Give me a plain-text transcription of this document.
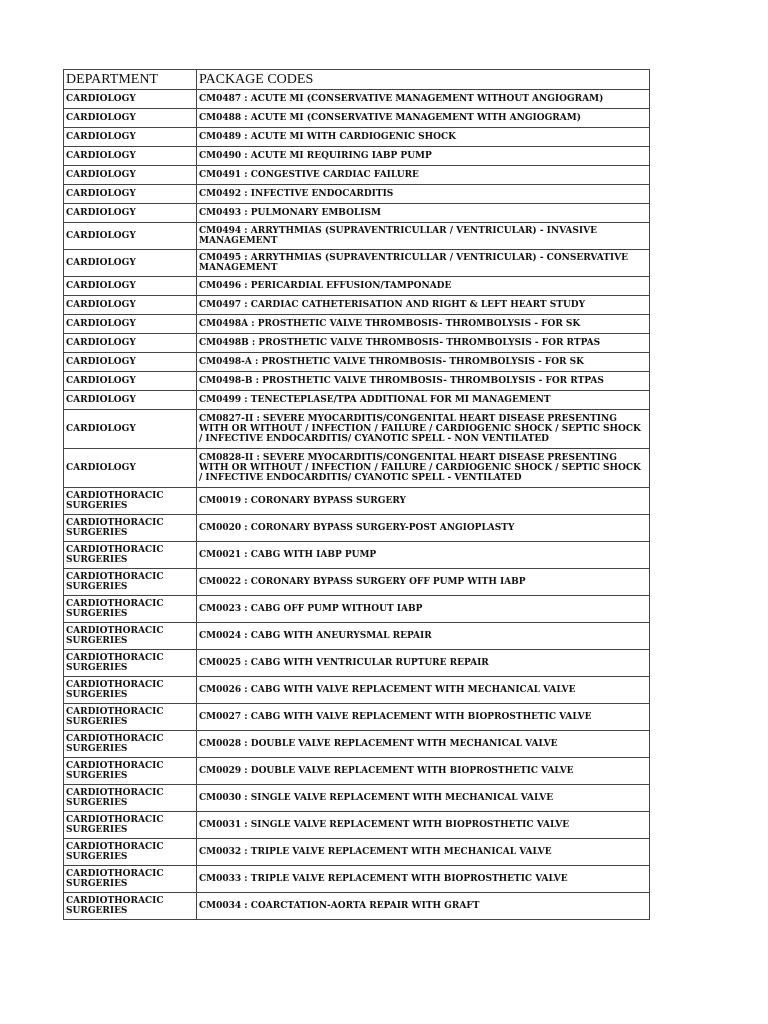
DEPARTMENT	PACKAGE CODES
CARDIOLOGY	CM0487 : ACUTE MI (CONSERVATIVE MANAGEMENT WITHOUT ANGIOGRAM)
CARDIOLOGY	CM0488 : ACUTE MI (CONSERVATIVE MANAGEMENT WITH ANGIOGRAM)
CARDIOLOGY	CM0489 : ACUTE MI WITH CARDIOGENIC SHOCK
CARDIOLOGY	CM0490 : ACUTE MI REQUIRING IABP PUMP
CARDIOLOGY	CM0491 : CONGESTIVE CARDIAC FAILURE
CARDIOLOGY	CM0492 : INFECTIVE ENDOCARDITIS
CARDIOLOGY	CM0493 : PULMONARY EMBOLISM
CARDIOLOGY	CM0494 : ARRYTHMIAS (SUPRAVENTRICULLAR / VENTRICULAR) - INVASIVE MANAGEMENT
CARDIOLOGY	CM0495 : ARRYTHMIAS (SUPRAVENTRICULLAR / VENTRICULAR) - CONSERVATIVE MANAGEMENT
CARDIOLOGY	CM0496 : PERICARDIAL EFFUSION/TAMPONADE
CARDIOLOGY	CM0497 : CARDIAC CATHETERISATION AND RIGHT & LEFT HEART STUDY
CARDIOLOGY	CM0498A : PROSTHETIC VALVE THROMBOSIS- THROMBOLYSIS - FOR SK
CARDIOLOGY	CM0498B : PROSTHETIC VALVE THROMBOSIS- THROMBOLYSIS - FOR RTPAS
CARDIOLOGY	CM0498-A : PROSTHETIC VALVE THROMBOSIS- THROMBOLYSIS - FOR SK
CARDIOLOGY	CM0498-B : PROSTHETIC VALVE THROMBOSIS- THROMBOLYSIS - FOR RTPAS
CARDIOLOGY	CM0499 : TENECTEPLASE/TPA ADDITIONAL FOR MI MANAGEMENT
CARDIOLOGY	CM0827-II : SEVERE MYOCARDITIS/CONGENITAL HEART DISEASE PRESENTING WITH OR WITHOUT / INFECTION / FAILURE / CARDIOGENIC SHOCK / SEPTIC SHOCK / INFECTIVE ENDOCARDITIS/ CYANOTIC SPELL - NON VENTILATED
CARDIOLOGY	CM0828-II : SEVERE MYOCARDITIS/CONGENITAL HEART DISEASE PRESENTING WITH OR WITHOUT / INFECTION / FAILURE / CARDIOGENIC SHOCK / SEPTIC SHOCK / INFECTIVE ENDOCARDITIS/ CYANOTIC SPELL - VENTILATED
CARDIOTHORACIC SURGERIES	CM0019 : CORONARY BYPASS SURGERY
CARDIOTHORACIC SURGERIES	CM0020 : CORONARY BYPASS SURGERY-POST ANGIOPLASTY
CARDIOTHORACIC SURGERIES	CM0021 : CABG WITH IABP PUMP
CARDIOTHORACIC SURGERIES	CM0022 : CORONARY BYPASS SURGERY OFF PUMP WITH IABP
CARDIOTHORACIC SURGERIES	CM0023 : CABG OFF PUMP WITHOUT IABP
CARDIOTHORACIC SURGERIES	CM0024 : CABG WITH ANEURYSMAL REPAIR
CARDIOTHORACIC SURGERIES	CM0025 : CABG WITH VENTRICULAR RUPTURE REPAIR
CARDIOTHORACIC SURGERIES	CM0026 : CABG WITH VALVE REPLACEMENT WITH MECHANICAL VALVE
CARDIOTHORACIC SURGERIES	CM0027 : CABG WITH VALVE REPLACEMENT WITH BIOPROSTHETIC VALVE
CARDIOTHORACIC SURGERIES	CM0028 : DOUBLE VALVE REPLACEMENT WITH MECHANICAL VALVE
CARDIOTHORACIC SURGERIES	CM0029 : DOUBLE VALVE REPLACEMENT WITH BIOPROSTHETIC VALVE
CARDIOTHORACIC SURGERIES	CM0030 : SINGLE VALVE REPLACEMENT WITH MECHANICAL VALVE
CARDIOTHORACIC SURGERIES	CM0031 : SINGLE VALVE REPLACEMENT WITH BIOPROSTHETIC VALVE
CARDIOTHORACIC SURGERIES	CM0032 : TRIPLE VALVE REPLACEMENT WITH MECHANICAL VALVE
CARDIOTHORACIC SURGERIES	CM0033 : TRIPLE VALVE REPLACEMENT WITH BIOPROSTHETIC VALVE
CARDIOTHORACIC SURGERIES	CM0034 : COARCTATION-AORTA REPAIR WITH GRAFT
